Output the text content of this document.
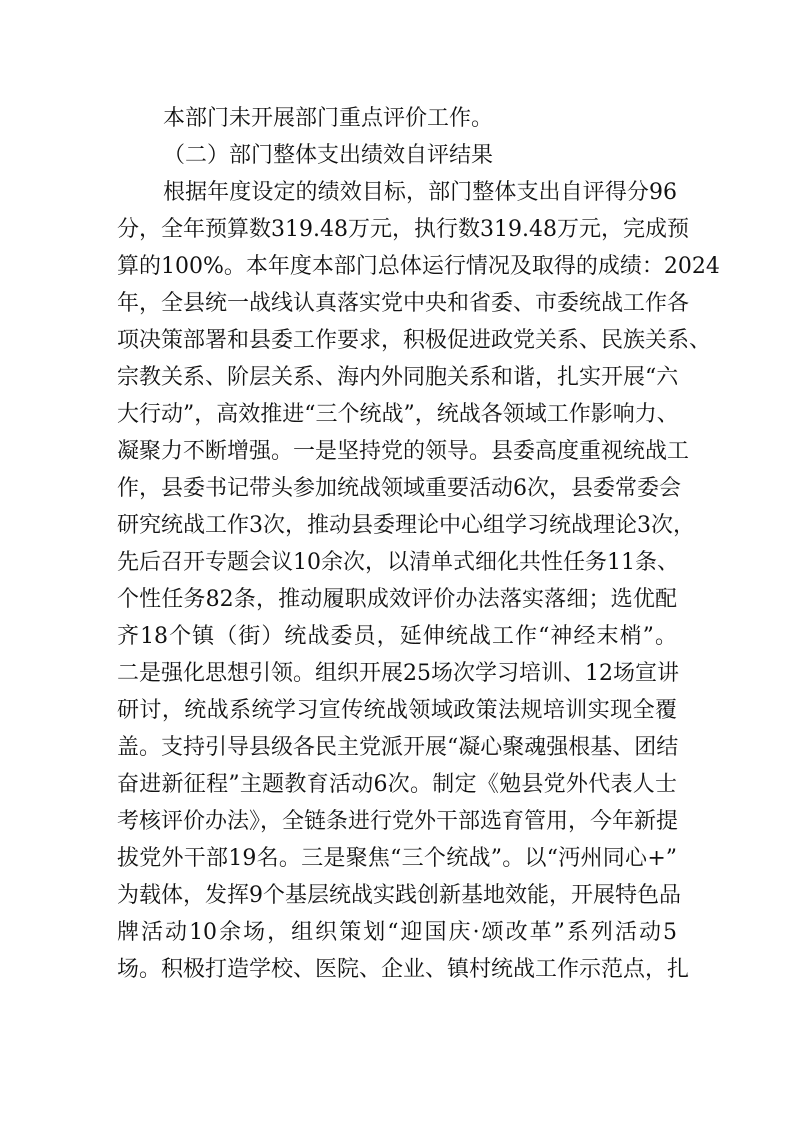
本部门未开展部门重点评价工作。
（二）部门整体支出绩效自评结果
根据年度设定的绩效目标，部门整体支出自评得分96
分，全年预算数319.48万元，执行数319.48万元，完成预
算的100%。本年度本部门总体运行情况及取得的成绩：2024
年，全县统一战线认真落实党中央和省委、市委统战工作各
项决策部署和县委工作要求，积极促进政党关系、民族关系、
宗教关系、阶层关系、海内外同胞关系和谐，扎实开展“六
大行动”，高效推进“三个统战”，统战各领域工作影响力、
凝聚力不断增强。一是坚持党的领导。县委高度重视统战工
作，县委书记带头参加统战领域重要活动6次，县委常委会
研究统战工作3次，推动县委理论中心组学习统战理论3次，
先后召开专题会议10余次，以清单式细化共性任务11条、
个性任务82条，推动履职成效评价办法落实落细；选优配
齐18个镇（街）统战委员，延伸统战工作“神经末梢”。
二是强化思想引领。组织开展25场次学习培训、12场宣讲
研讨，统战系统学习宣传统战领域政策法规培训实现全覆
盖。支持引导县级各民主党派开展“凝心聚魂强根基、团结
奋进新征程”主题教育活动6次。制定《勉县党外代表人士
考核评价办法》，全链条进行党外干部选育管用，今年新提
拔党外干部19名。三是聚焦“三个统战”。以“沔州同心+”
为载体，发挥9个基层统战实践创新基地效能，开展特色品
牌活动10余场，组织策划“迎国庆·颂改革”系列活动5
场。积极打造学校、医院、企业、镇村统战工作示范点，扎
